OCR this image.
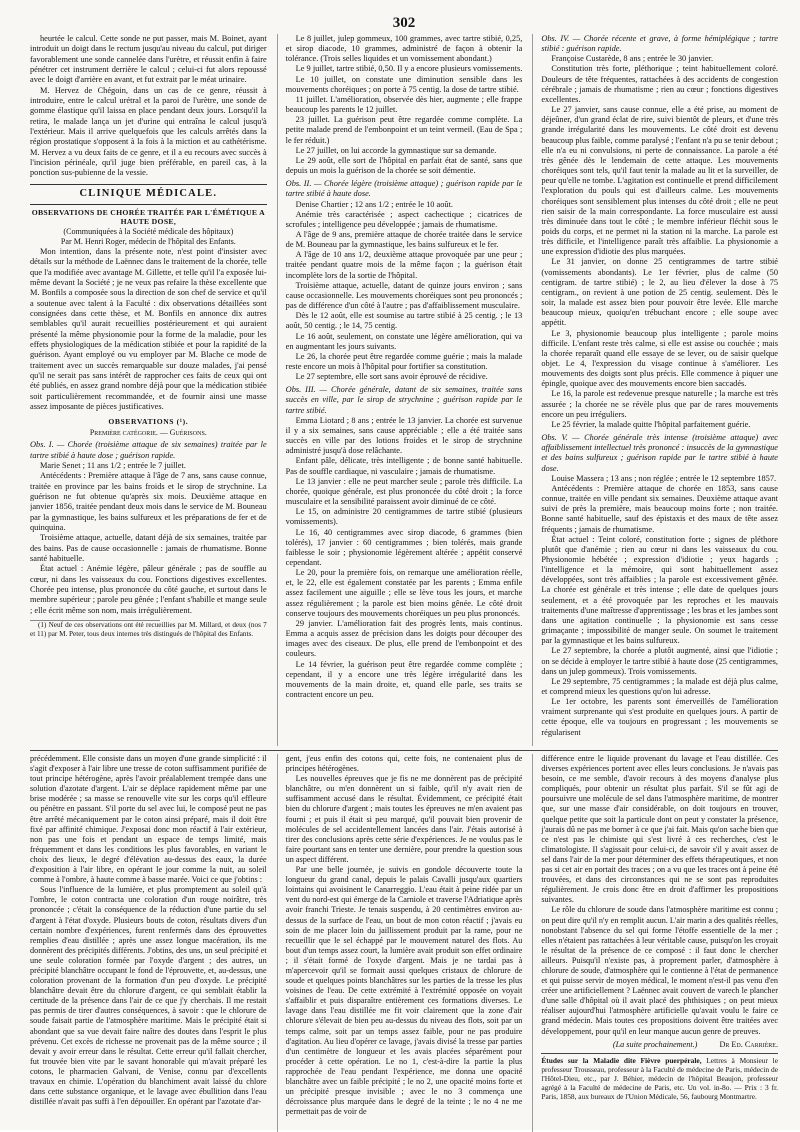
302

heurtée le calcul. Cette sonde ne put passer, mais M. Boinet, ayant introduit un doigt dans le rectum jusqu'au niveau du calcul, put diriger favorablement une sonde cannelée dans l'urètre, et réussit enfin à faire pénétrer cet instrument derrière le calcul ; celui-ci fut alors repoussé avec le doigt d'arrière en avant, et fut extrait par le méat urinaire.

M. Hervez de Chégoin, dans un cas de ce genre, réussit à introduire, entre le calcul urétral et la paroi de l'urètre, une sonde de gomme élastique qu'il laissa en place pendant deux jours. Lorsqu'il la retira, le malade lança un jet d'urine qui entraîna le calcul jusqu'à l'extérieur. Mais il arrive quelquefois que les calculs arrêtés dans la région prostatique s'opposent à la fois à la miction et au cathétérisme. M. Hervez a vu deux faits de ce genre, et il a eu recours avec succès à l'incision périnéale, qu'il juge bien préférable, en pareil cas, à la ponction sus-pubienne de la vessie.

CLINIQUE MÉDICALE.
OBSERVATIONS DE CHORÉE TRAITÉE PAR L'ÉMÉTIQUE A HAUTE DOSE,
(Communiquées à la Société médicale des hôpitaux)
Par M. Henri Roger, médecin de l'hôpital des Enfants.

Mon intention, dans la présente note, n'est point d'insister avec détails sur la méthode de Laënnec dans le traitement de la chorée, telle que l'a modifiée avec avantage M. Gillette, et telle qu'il l'a exposée lui-même devant la Société ; je ne veux pas refaire la thèse excellente que M. Bonfils a composée sous la direction de son chef de service et qu'il a soutenue avec talent à la Faculté : dix observations détaillées sont consignées dans cette thèse, et M. Bonfils en annonce dix autres semblables qu'il aurait recueillies postérieurement et qui auraient présenté la même physionomie pour la forme de la maladie, pour les effets physiologiques de la médication stibiée et pour la rapidité de la guérison. Ayant employé ou vu employer par M. Blache ce mode de traitement avec un succès remarquable sur douze malades, j'ai pensé qu'il ne serait pas sans intérêt de rapprocher ces faits de ceux qui ont été publiés, en assez grand nombre déjà pour que la médication stibiée soit particulièrement recommandée, et de fournir ainsi une masse assez imposante de pièces justificatives.

OBSERVATIONS (¹).
Première catégorie. — Guérisons.

Obs. I. — Chorée (troisième attaque de six semaines) traitée par le tartre stibié à haute dose ; guérison rapide.

Marie Senet ; 11 ans 1/2 ; entrée le 7 juillet.

Antécédents : Première attaque à l'âge de 7 ans, sans cause connue, traitée en province par les bains froids et le sirop de strychnine. La guérison ne fut obtenue qu'après six mois. Deuxième attaque en janvier 1856, traitée pendant deux mois dans le service de M. Bouneau par la gymnastique, les bains sulfureux et les préparations de fer et de quinquina.

Troisième attaque, actuelle, datant déjà de six semaines, traitée par des bains. Pas de cause occasionnelle : jamais de rhumatisme. Bonne santé habituelle.

État actuel : Anémie légère, pâleur générale ; pas de souffle au cœur, ni dans les vaisseaux du cou. Fonctions digestives excellentes. Chorée peu intense, plus prononcée du côté gauche, et surtout dans le membre supérieur ; parole peu gênée ; l'enfant s'habille et mange seule ; elle écrit même son nom, mais irrégulièrement.

(1) Neuf de ces observations ont été recueillies par M. Millard, et deux (nos 7 et 11) par M. Peter, tous deux internes très distingués de l'hôpital des Enfants.

Le 8 juillet, julep gommeux, 100 grammes, avec tartre stibié, 0,25, et sirop diacode, 10 grammes, administré de façon à obtenir la tolérance. (Trois selles liquides et un vomissement abondant.)

Le 9 juillet, tartre stibié, 0,50. Il y a encore plusieurs vomissements.

Le 10 juillet, on constate une diminution sensible dans les mouvements choréiques ; on porte à 75 centig. la dose de tartre stibié.

11 juillet. L'amélioration, observée dès hier, augmente ; elle frappe beaucoup les parents le 12 juillet.

23 juillet. La guérison peut être regardée comme complète. La petite malade prend de l'embonpoint et un teint vermeil. (Eau de Spa ; le fer réduit.)

Le 27 juillet, on lui accorde la gymnastique sur sa demande.

Le 29 août, elle sort de l'hôpital en parfait état de santé, sans que depuis un mois la guérison de la chorée se soit démentie.

Obs. II. — Chorée légère (troisième attaque) ; guérison rapide par le tartre stibié à haute dose.

Denise Chartier ; 12 ans 1/2 ; entrée le 10 août.

Anémie très caractérisée ; aspect cachectique ; cicatrices de scrofules ; intelligence peu développée ; jamais de rhumatisme.

A l'âge de 9 ans, première attaque de chorée traitée dans le service de M. Bouneau par la gymnastique, les bains sulfureux et le fer.

A l'âge de 10 ans 1/2, deuxième attaque provoquée par une peur ; traitée pendant quatre mois de la même façon ; la guérison était incomplète lors de la sortie de l'hôpital.

Troisième attaque, actuelle, datant de quinze jours environ ; sans cause occasionnelle. Les mouvements choréiques sont peu prononcés ; pas de différence d'un côté à l'autre ; pas d'affaiblissement musculaire.

Dès le 12 août, elle est soumise au tartre stibié à 25 centig. ; le 13 août, 50 centig. ; le 14, 75 centig.

Le 16 août, seulement, on constate une légère amélioration, qui va en augmentant les jours suivants.

Le 26, la chorée peut être regardée comme guérie ; mais la malade reste encore un mois à l'hôpital pour fortifier sa constitution.

Le 27 septembre, elle sort sans avoir éprouvé de récidive.

Obs. III. — Chorée générale, datant de six semaines, traitée sans succès en ville, par le sirop de strychnine ; guérison rapide par le tartre stibié.

Emma Liotard ; 8 ans ; entrée le 13 janvier. La chorée est survenue il y a six semaines, sans cause appréciable ; elle a été traitée sans succès en ville par des lotions froides et le sirop de strychnine administré jusqu'à dose relâchante.

Enfant pâle, délicate, très intelligente ; de bonne santé habituelle. Pas de souffle cardiaque, ni vasculaire ; jamais de rhumatisme.

Le 13 janvier : elle ne peut marcher seule ; parole très difficile. La chorée, quoique générale, est plus prononcée du côté droit ; la force musculaire et la sensibilité paraissent avoir diminué de ce côté.

Le 15, on administre 20 centigrammes de tartre stibié (plusieurs vomissements).

Le 16, 40 centigrammes avec sirop diacode, 6 grammes (bien tolérés), 17 janvier : 60 centigrammes ; bien tolérés, mais grande faiblesse le soir ; physionomie légèrement altérée ; appétit conservé cependant.

Le 20, pour la première fois, on remarque une amélioration réelle, et, le 22, elle est également constatée par les parents ; Emma enfile assez facilement une aiguille ; elle se lève tous les jours, et marche assez régulièrement ; la parole est bien moins gênée. Le côté droit conserve toujours des mouvements choréiques un peu plus prononcés.

29 janvier. L'amélioration fait des progrès lents, mais continus. Emma a acquis assez de précision dans les doigts pour découper des images avec des ciseaux. De plus, elle prend de l'embonpoint et des couleurs.

Le 14 février, la guérison peut être regardée comme complète ; cependant, il y a encore une très légère irrégularité dans les mouvements de la main droite, et, quand elle parle, ses traits se contractent encore un peu.

Obs. IV. — Chorée récente et grave, à forme hémiplégique ; tartre stibié : guérison rapide.

Françoise Custarède, 8 ans ; entrée le 30 janvier.

Constitution très forte, pléthorique ; teint habituellement coloré. Douleurs de tête fréquentes, rattachées à des accidents de congestion cérébrale ; jamais de rhumatisme ; rien au cœur ; fonctions digestives excellentes.

Le 27 janvier, sans cause connue, elle a été prise, au moment de déjeûner, d'un grand éclat de rire, suivi bientôt de pleurs, et d'une très grande irrégularité dans les mouvements. Le côté droit est devenu beaucoup plus faible, comme paralysé ; l'enfant n'a pu se tenir debout ; elle n'a eu ni convulsions, ni perte de connaissance. La parole a été très gênée dès le lendemain de cette attaque. Les mouvements choréiques sont tels, qu'il faut tenir la malade au lit et la surveiller, de peur qu'elle ne tombe. L'agitation est continuelle et prend difficilement l'exploration du pouls qui est d'ailleurs calme. Les mouvements choréiques sont sensiblement plus intenses du côté droit ; elle ne peut rien saisir de la main correspondante. La force musculaire est aussi très diminuée dans tout le côté ; le membre inférieur fléchit sous le poids du corps, et ne permet ni la station ni la marche. La parole est très difficile, et l'intelligence paraît très affaiblie. La physionomie a une expression d'idiotie des plus marquées.

Le 31 janvier, on donne 25 centigrammes de tartre stibié (vomissements abondants). Le 1er février, plus de calme (50 centigram. de tartre stibié) ; le 2, au lieu d'élever la dose à 75 centigram., on revient à une potion de 25 centig. seulement. Dès le soir, la malade est assez bien pour pouvoir être levée. Elle marche beaucoup mieux, quoiqu'en trébuchant encore ; elle soupe avec appétit.

Le 3, physionomie beaucoup plus intelligente ; parole moins difficile. L'enfant reste très calme, si elle est assise ou couchée ; mais la chorée reparaît quand elle essaye de se lever, ou de saisir quelque objet. Le 4, l'expression du visage continue à s'améliorer. Les mouvements des doigts sont plus précis. Elle commence à piquer une épingle, quoique avec des mouvements encore bien saccadés.

Le 16, la parole est redevenue presque naturelle ; la marche est très assurée ; la chorée ne se révèle plus que par de rares mouvements encore un peu irréguliers.

Le 25 février, la malade quitte l'hôpital parfaitement guérie.

Obs. V. — Chorée générale très intense (troisième attaque) avec affaiblissement intellectuel très prononcé : insuccès de la gymnastique et des bains sulfureux ; guérison rapide par le tartre stibié à haute dose.

Louise Massera ; 13 ans ; non réglée ; entrée le 12 septembre 1857.

Antécédents : Première attaque de chorée en 1853, sans cause connue, traitée en ville pendant six semaines. Deuxième attaque avant suivi de près la première, mais beaucoup moins forte ; non traitée. Bonne santé habituelle, sauf des épistaxis et des maux de tête assez fréquents ; jamais de rhumatisme.

État actuel : Teint coloré, constitution forte ; signes de pléthore plutôt que d'anémie ; rien au cœur ni dans les vaisseaux du cou. Physionomie hébétée ; expression d'idiotie ; yeux hagards ; l'intelligence et la mémoire, qui sont habituellement assez développées, sont très affaiblies ; la parole est excessivement gênée. La chorée est générale et très intense ; elle date de quelques jours seulement, et a été provoquée par les reproches et les mauvais traitements d'une maîtresse d'apprentissage ; les bras et les jambes sont dans une agitation continuelle ; la physionomie est sans cesse grimaçante ; impossibilité de manger seule. On soumet le traitement par la gymnastique et les bains sulfureux.

Le 27 septembre, la chorée a plutôt augmenté, ainsi que l'idiotie ; on se décide à employer le tartre stibié à haute dose (25 centigrammes, dans un julep gommeux). Trois vomissements.

Le 29 septembre, 75 centigrammes ; la malade est déjà plus calme, et comprend mieux les questions qu'on lui adresse.

Le 1er octobre, les parents sont émerveillés de l'amélioration vraiment surprenante qui s'est produite en quelques jours. A partir de cette époque, elle va toujours en progressant ; les mouvements se régularisent

précédemment. Elle consiste dans un moyen d'une grande simplicité : il s'agit d'exposer à l'air libre une tresse de coton suffisamment purifiée de tout principe hétérogène, après l'avoir préalablement trempée dans une solution d'azotate d'argent. L'air se déplace rapidement même par une brise modérée ; sa masse se renouvelle vite sur les corps qu'il effleure ou pénètre en passant. S'il porte du sel avec lui, le composé peut ne pas être arrêté mécaniquement par le coton ainsi préparé, mais il doit être fixé par affinité chimique. J'exposai donc mon réactif à l'air extérieur, non pas une fois et pendant un espace de temps limité, mais fréquemment et dans les conditions les plus favorables, en variant le choix des lieux, le degré d'élévation au-dessus des eaux, la durée d'exposition à l'air libre, en opérant le jour comme la nuit, au soleil comme à l'ombre, à haute comme à basse marée. Voici ce que j'obtins :

Sous l'influence de la lumière, et plus promptement au soleil qu'à l'ombre, le coton contracta une coloration d'un rouge noirâtre, très prononcée ; c'était la conséquence de la réduction d'une partie du sel d'argent à l'état d'oxyde. Plusieurs bouts de coton, résultats divers d'un certain nombre d'expériences, furent renfermés dans des éprouvettes remplies d'eau distillée ; après une assez longue macération, ils me donnèrent des précipités différents. J'obtins, des uns, un seul précipité et une seule coloration formée par l'oxyde d'argent ; des autres, un précipité blanchâtre occupant le fond de l'éprouvette, et, au-dessus, une coloration provenant de la formation d'un peu d'oxyde. Le précipité blanchâtre devait être du chlorure d'argent, ce qui semblait établir la certitude de la présence dans l'air de ce que j'y cherchais. Il me restait pas permis de tirer d'autres conséquences, à savoir : que le chlorure de soude faisait partie de l'atmosphère maritime. Mais le précipité était si abondant que sa vue devait faire naître des doutes dans l'esprit le plus prévenu. Cet excès de richesse ne provenait pas de la même source ; il devait y avoir erreur dans le résultat. Cette erreur qu'il fallait chercher, fut trouvée bien vite par le savant honorable qui m'avait préparé les cotons, le pharmacien Galvani, de Venise, connu par d'excellents travaux en chimie. L'opération du blanchiment avait laissé du chlore dans cette substance organique, et le lavage avec ébullition dans l'eau distillée n'avait pas suffi à l'en dépouiller. En opérant par l'azotate d'ar-

gent, j'eus enfin des cotons qui, cette fois, ne contenaient plus de principes hétérogènes.

Les nouvelles épreuves que je fis ne me donnèrent pas de précipité blanchâtre, ou m'en donnèrent un si faible, qu'il n'y avait rien de suffisamment accusé dans le résultat. Évidemment, ce précipité était bien du chlorure d'argent ; mais toutes les épreuves ne m'en avaient pas fourni ; et puis il était si peu marqué, qu'il pouvait bien provenir de molécules de sel accidentellement lancées dans l'air. J'étais autorisé à tirer des conclusions après cette série d'expériences. Je ne voulus pas le faire pourtant sans en tenter une dernière, pour prendre la question sous un aspect différent.

Par une belle journée, je suivis en gondole découverte toute la longueur du grand canal, depuis le palais Cavalli jusqu'aux quartiers lointains qui avoisinent le Canarreggio. L'eau était à peine ridée par un vent du nord-est qui émerge de la Carniole et traverse l'Adriatique après avoir franchi Trieste. Je tenais suspendu, à 20 centimètres environ au-dessus de la surface de l'eau, un bout de mon coton réactif ; j'avais eu soin de me placer loin du jaillissement produit par la rame, pour ne recueillir que le sel échappé par le mouvement naturel des flots. Au bout d'un temps assez court, la lumière avait produit son effet ordinaire ; il s'était formé de l'oxyde d'argent. Mais je ne tardai pas à m'apercevoir qu'il se formait aussi quelques cristaux de chlorure de soude et quelques points blanchâtres sur les parties de la tresse les plus voisines de l'eau. De cette extrémité à l'extrémité opposée on voyait s'affaiblir et puis disparaître entièrement ces formations diverses. Le lavage dans l'eau distillée me fit voir clairement que la zone d'air chlorure s'élevait de bien peu au-dessus du niveau des flots, soit par un temps calme, soit par un temps assez faible, pour ne pas produire d'agitation. Au lieu d'opérer ce lavage, j'avais divisé la tresse par parties d'un centimètre de longueur et les avais placées séparément pour procéder à cette opération. Le no 1, c'est-à-dire la partie la plus rapprochée de l'eau pendant l'expérience, me donna une opacité blanchâtre avec un faible précipité ; le no 2, une opacité moins forte et un précipité presque invisible ; avec le no 3 commença une décroissance plus marquée dans le degré de la teinte ; le no 4 ne me permettait pas de voir de

différence entre le liquide provenant du lavage et l'eau distillée. Ces diverses expériences portent avec elles leurs conclusions. Je n'avais pas besoin, ce me semble, d'avoir recours à des moyens d'analyse plus compliqués, pour obtenir un résultat plus parfait. S'il se fût agi de poursuivre une molécule de sel dans l'atmosphère maritime, de montrer que, sur une masse d'air considérable, on doit toujours en trouver, quelque petite que soit la particule dont on peut y constater la présence, j'aurais dû ne pas me borner à ce que j'ai fait. Mais qu'on sache bien que ce n'est pas le chimiste qui s'est livré à ces recherches, c'est le climatologiste. Il s'agissait pour celui-ci, de savoir s'il y avait assez de sel dans l'air de la mer pour déterminer des effets thérapeutiques, et non pas si cet air en portait des traces ; on a vu que les traces ont à peine été trouvées, et dans des circonstances qui ne se sont pas reproduites régulièrement. Je crois donc être en droit d'affirmer les propositions suivantes.

Le rôle du chlorure de soude dans l'atmosphère maritime est connu ; on peut dire qu'il n'y en remplit aucun. L'air marin a des qualités réelles, nonobstant l'absence du sel qui forme l'étoffe essentielle de la mer ; elles n'étaient pas rattachées à leur véritable cause, puisqu'on les croyait le résultat de la présence de ce composé : il faut donc le chercher ailleurs. Puisqu'il n'existe pas, à proprement parler, d'atmosphère à chlorure de soude, d'atmosphère qui le contienne à l'état de permanence et qui puisse servir de moyen médical, le moment n'est-il pas venu d'en créer une artificiellement ? Laënnec avait couvert de varech le plancher d'une salle d'hôpital où il avait placé des phthisiques ; on peut mieux réaliser aujourd'hui l'atmosphère artificielle qu'avait voulu le faire ce grand médecin. Mais toutes ces propositions doivent être traitées avec développement, pour qu'il en leur manque aucun genre de preuves.

(La suite prochainement.)	Dr Ed. Carrière.

Études sur la Maladie dite Fièvre puerpérale, Lettres à Monsieur le professeur Trousseau, professeur à la Faculté de médecine de Paris, médecin de l'Hôtel-Dieu, etc., par J. Béhier, médecin de l'hôpital Beaujon, professeur agrégé à la Faculté de médecine de Paris, etc. Un vol. in-8o. — Prix : 3 fr. Paris, 1858, aux bureaux de l'Union Médicale, 56, faubourg Montmartre.
